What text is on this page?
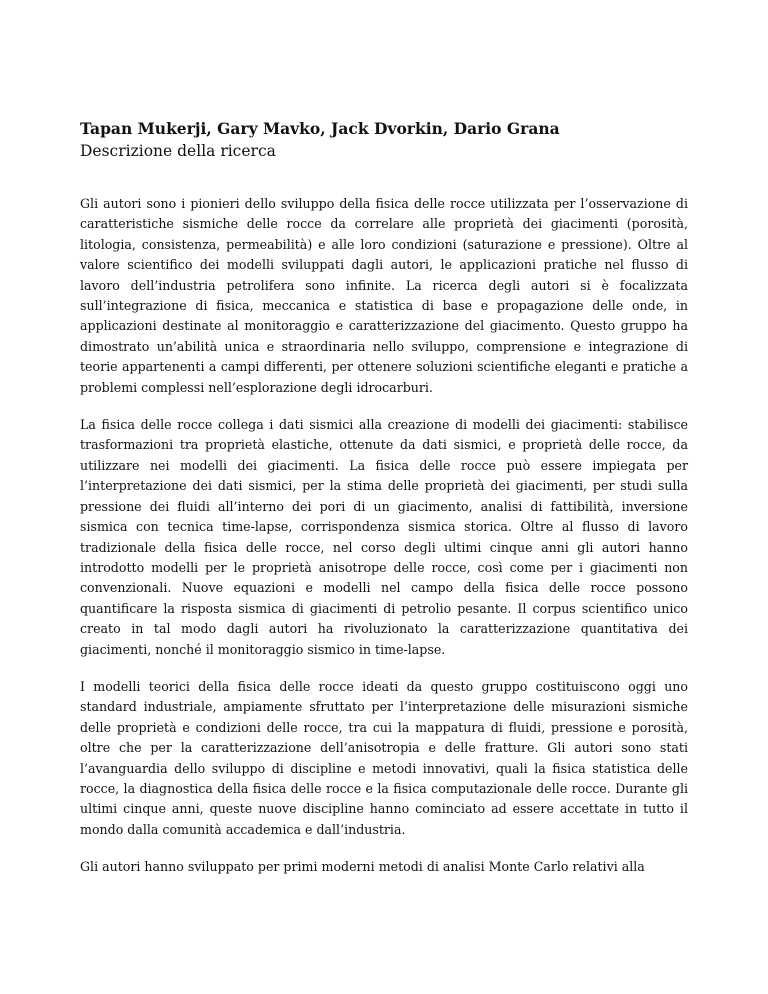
Tapan Mukerji, Gary Mavko, Jack Dvorkin, Dario Grana

Descrizione della ricerca

Gli autori sono i pionieri dello sviluppo della fisica delle rocce utilizzata per l’osservazione di caratteristiche sismiche delle rocce da correlare alle proprietà dei giacimenti (porosità, litologia, consistenza, permeabilità) e alle loro condizioni (saturazione e pressione). Oltre al valore scientifico dei modelli sviluppati dagli autori, le applicazioni pratiche nel flusso di lavoro dell’industria petrolifera sono infinite. La ricerca degli autori si è focalizzata sull’integrazione di fisica, meccanica e statistica di base e propagazione delle onde, in applicazioni destinate al monitoraggio e caratterizzazione del giacimento. Questo gruppo ha dimostrato un’abilità unica e straordinaria nello sviluppo, comprensione e integrazione di teorie appartenenti a campi differenti, per ottenere soluzioni scientifiche eleganti e pratiche a problemi complessi nell’esplorazione degli idrocarburi.

La fisica delle rocce collega i dati sismici alla creazione di modelli dei giacimenti: stabilisce trasformazioni tra proprietà elastiche, ottenute da dati sismici, e proprietà delle rocce, da utilizzare nei modelli dei giacimenti. La fisica delle rocce può essere impiegata per l’interpretazione dei dati sismici, per la stima delle proprietà dei giacimenti, per studi sulla pressione dei fluidi all’interno dei pori di un giacimento, analisi di fattibilità, inversione sismica con tecnica time-lapse, corrispondenza sismica storica. Oltre al flusso di lavoro tradizionale della fisica delle rocce, nel corso degli ultimi cinque anni gli autori hanno introdotto modelli per le proprietà anisotrope delle rocce, così come per i giacimenti non convenzionali. Nuove equazioni e modelli nel campo della fisica delle rocce possono quantificare la risposta sismica di giacimenti di petrolio pesante. Il corpus scientifico unico creato in tal modo dagli autori ha rivoluzionato la caratterizzazione quantitativa dei giacimenti, nonché il monitoraggio sismico in time-lapse.

I modelli teorici della fisica delle rocce ideati da questo gruppo costituiscono oggi uno standard industriale, ampiamente sfruttato per l’interpretazione delle misurazioni sismiche delle proprietà e condizioni delle rocce, tra cui la mappatura di fluidi, pressione e porosità, oltre che per la caratterizzazione dell’anisotropia e delle fratture. Gli autori sono stati l’avanguardia dello sviluppo di discipline e metodi innovativi, quali la fisica statistica delle rocce, la diagnostica della fisica delle rocce e la fisica computazionale delle rocce. Durante gli ultimi cinque anni, queste nuove discipline hanno cominciato ad essere accettate in tutto il mondo dalla comunità accademica e dall’industria.

Gli autori hanno sviluppato per primi moderni metodi di analisi Monte Carlo relativi alla
